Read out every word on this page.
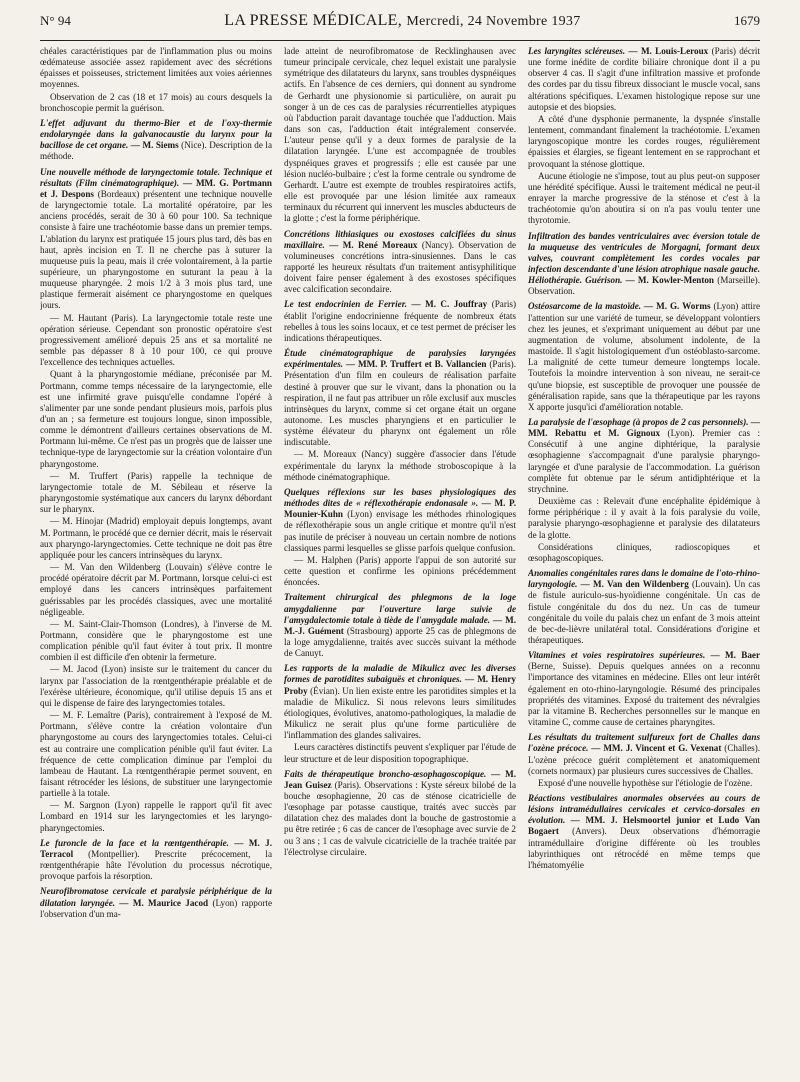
N° 94	LA PRESSE MÉDICALE, Mercredi, 24 Novembre 1937	1679

chéales caractéristiques par de l'inflammation plus ou moins œdémateuse associée assez rapidement avec des sécrétions épaisses et poisseuses, strictement limitées aux voies aériennes moyennes.

Observation de 2 cas (18 et 17 mois) au cours desquels la bronchoscopie permit la guérison.

L'effet adjuvant du thermo-Bier et de l'oxy-thermie endolaryngée dans la galvanocaustie du larynx pour la bacillose de cet organe. — M. Siems (Nice). Description de la méthode.

Une nouvelle méthode de laryngectomie totale. Technique et résultats (Film cinématographique). — MM. G. Portmann et J. Despons (Bordeaux) présentent une technique nouvelle de laryngectomie totale. La mortalité opératoire, par les anciens procédés, serait de 30 à 60 pour 100. Sa technique consiste à faire une trachéotomie basse dans un premier temps. L'ablation du larynx est pratiquée 15 jours plus tard, dès bas en haut, après incision en T. Il ne cherche pas à suturer la muqueuse puis la peau, mais il crée volontairement, à la partie supérieure, un pharyngostome en suturant la peau à la muqueuse pharyngée. 2 mois 1/2 à 3 mois plus tard, une plastique fermerait aisément ce pharyngostome en quelques jours.

— M. Hautant (Paris). La laryngectomie totale reste une opération sérieuse. Cependant son pronostic opératoire s'est progressivement amélioré depuis 25 ans et sa mortalité ne semble pas dépasser 8 à 10 pour 100, ce qui prouve l'excellence des techniques actuelles.

Quant à la pharyngostomie médiane, préconisée par M. Portmann, comme temps nécessaire de la laryngectomie, elle est une infirmité grave puisqu'elle condamne l'opéré à s'alimenter par une sonde pendant plusieurs mois, parfois plus d'un an ; sa fermeture est toujours longue, sinon impossible, comme le démontrent d'ailleurs certaines observations de M. Portmann lui-même. Ce n'est pas un progrès que de laisser une technique-type de laryngectomie sur la création volontaire d'un pharyngostome.

— M. Truffert (Paris) rappelle la technique de laryngectomie totale de M. Sébileau et réserve la pharyngostomie systématique aux cancers du larynx débordant sur le pharynx.

— M. Hinojar (Madrid) employait depuis longtemps, avant M. Portmann, le procédé que ce dernier décrit, mais le réservait aux pharyngo-laryngectomies. Cette technique ne doit pas être appliquée pour les cancers intrinsèques du larynx.

— M. Van den Wildenberg (Louvain) s'élève contre le procédé opératoire décrit par M. Portmann, lorsque celui-ci est employé dans les cancers intrinsèques parfaitement guérissables par les procédés classiques, avec une mortalité négligeable.

— M. Saint-Clair-Thomson (Londres), à l'inverse de M. Portmann, considère que le pharyngostome est une complication pénible qu'il faut éviter à tout prix. Il montre combien il est difficile d'en obtenir la fermeture.

— M. Jacod (Lyon) insiste sur le traitement du cancer du larynx par l'association de la rœntgenthérapie préalable et de l'exérèse ultérieure, économique, qu'il utilise depuis 15 ans et qui le dispense de faire des laryngectomies totales.

— M. F. Lemaître (Paris), contrairement à l'exposé de M. Portmann, s'élève contre la création volontaire d'un pharyngostome au cours des laryngectomies totales. Celui-ci est au contraire une complication pénible qu'il faut éviter. La fréquence de cette complication diminue par l'emploi du lambeau de Hautant. La rœntgenthérapie permet souvent, en faisant rétrocéder les lésions, de substituer une laryngectomie partielle à la totale.

— M. Sargnon (Lyon) rappelle le rapport qu'il fit avec Lombard en 1914 sur les laryngectomies et les laryngo-pharyngectomies.

Le furoncle de la face et la rœntgenthérapie. — M. J. Terracol (Montpellier). Prescrite précocement, la rœntgenthérapie hâte l'évolution du processus nécrotique, provoque parfois la résorption.

Neurofibromatose cervicale et paralysie périphérique de la dilatation laryngée. — M. Maurice Jacod (Lyon) rapporte l'observation d'un ma-

lade atteint de neurofibromatose de Recklinghausen avec tumeur principale cervicale, chez lequel existait une paralysie symétrique des dilatateurs du larynx, sans troubles dyspnéiques actifs. En l'absence de ces derniers, qui donnent au syndrome de Gerhardt une physionomie si particulière, on aurait pu songer à un de ces cas de paralysies récurrentielles atypiques où l'abduction parait davantage touchée que l'adduction. Mais dans son cas, l'adduction était intégralement conservée. L'auteur pense qu'il y a deux formes de paralysie de la dilatation laryngée. L'une est accompagnée de troubles dyspnéiques graves et progressifs ; elle est causée par une lésion nucléo-bulbaire ; c'est la forme centrale ou syndrome de Gerhardt. L'autre est exempte de troubles respiratoires actifs, elle est provoquée par une lésion limitée aux rameaux terminaux du récurrent qui innervent les muscles abducteurs de la glotte ; c'est la forme périphérique.

Concrétions lithiasiques ou exostoses calcifiées du sinus maxillaire. — M. René Moreaux (Nancy). Observation de volumineuses concrétions intra-sinusiennes. Dans le cas rapporté les heureux résultats d'un traitement antisyphilitique doivent faire penser également à des exostoses spécifiques avec calcification secondaire.

Le test endocrinien de Ferrier. — M. C. Jouffray (Paris) établit l'origine endocrinienne fréquente de nombreux états rebelles à tous les soins locaux, et ce test permet de préciser les indications thérapeutiques.

Étude cinématographique de paralysies laryngées expérimentales. — MM. P. Truffert et B. Vallancien (Paris). Présentation d'un film en couleurs de réalisation parfaite destiné à prouver que sur le vivant, dans la phonation ou la respiration, il ne faut pas attribuer un rôle exclusif aux muscles intrinsèques du larynx, comme si cet organe était un organe autonome. Les muscles pharyngiens et en particulier le système élévateur du pharynx ont également un rôle indiscutable.

— M. Moreaux (Nancy) suggère d'associer dans l'étude expérimentale du larynx la méthode stroboscopique à la méthode cinématographique.

Quelques réflexions sur les bases physiologiques des méthodes dites de « réflexothérapie endonasale ». — M. P. Mounier-Kuhn (Lyon) envisage les méthodes rhinologiques de réflexothérapie sous un angle critique et montre qu'il n'est pas inutile de préciser à nouveau un certain nombre de notions classiques parmi lesquelles se glisse parfois quelque confusion.

— M. Halphen (Paris) apporte l'appui de son autorité sur cette question et confirme les opinions précédemment énoncées.

Traitement chirurgical des phlegmons de la loge amygdalienne par l'ouverture large suivie de l'amygdalectomie totale à tiède de l'amygdale malade. — M. M.-J. Guément (Strasbourg) apporte 25 cas de phlegmons de la loge amygdalienne, traités avec succès suivant la méthode de Canuyt.

Les rapports de la maladie de Mikulicz avec les diverses formes de parotidites subaiguës et chroniques. — M. Henry Proby (Évian). Un lien existe entre les parotidites simples et la maladie de Mikulicz. Si nous relevons leurs similitudes étiologiques, évolutives, anatomo-pathologiques, la maladie de Mikulicz ne serait plus qu'une forme particulière de l'inflammation des glandes salivaires.

Leurs caractères distinctifs peuvent s'expliquer par l'étude de leur structure et de leur disposition topographique.

Faits de thérapeutique broncho-œsophagoscopique. — M. Jean Guisez (Paris). Observations : Kyste séreux bilobé de la bouche œsophagienne, 20 cas de sténose cicatricielle de l'œsophage par potasse caustique, traités avec succès par dilatation chez des malades dont la bouche de gastrostomie a pu être retirée ; 6 cas de cancer de l'œsophage avec survie de 2 ou 3 ans ; 1 cas de valvule cicatricielle de la trachée traitée par l'électrolyse circulaire.

Les laryngites scléreuses. — M. Louis-Leroux (Paris) décrit une forme inédite de cordite biliaire chronique dont il a pu observer 4 cas. Il s'agit d'une infiltration massive et profonde des cordes par du tissu fibreux dissociant le muscle vocal, sans altérations spécifiques. L'examen histologique repose sur une autopsie et des biopsies.

A côté d'une dysphonie permanente, la dyspnée s'installe lentement, commandant finalement la trachéotomie. L'examen laryngoscopique montre les cordes rouges, régulièrement épaissies et élargies, se figeant lentement en se rapprochant et provoquant la sténose glottique.

Aucune étiologie ne s'impose, tout au plus peut-on supposer une hérédité spécifique. Aussi le traitement médical ne peut-il enrayer la marche progressive de la sténose et c'est à la trachéotomie qu'on aboutira si on n'a pas voulu tenter une thyrotomie.

Infiltration des bandes ventriculaires avec éversion totale de la muqueuse des ventricules de Morgagni, formant deux valves, couvrant complètement les cordes vocales par infection descendante d'une lésion atrophique nasale gauche. Héliothérapie. Guérison. — M. Kowler-Menton (Marseille). Observation.

Ostéosarcome de la mastoïde. — M. G. Worms (Lyon) attire l'attention sur une variété de tumeur, se développant volontiers chez les jeunes, et s'exprimant uniquement au début par une augmentation de volume, absolument indolente, de la mastoïde. Il s'agit histologiquement d'un ostéoblasto-sarcome. La malignité de cette tumeur demeure longtemps locale. Toutefois la moindre intervention à son niveau, ne serait-ce qu'une biopsie, est susceptible de provoquer une poussée de généralisation rapide, sans que la thérapeutique par les rayons X apporte jusqu'ici d'amélioration notable.

La paralysie de l'œsophage (à propos de 2 cas personnels). — MM. Rebattu et M. Gignoux (Lyon). Premier cas : Consécutif à une angine diphtérique, la paralysie œsophagienne s'accompagnait d'une paralysie pharyngo-laryngée et d'une paralysie de l'accommodation. La guérison complète fut obtenue par le sérum antidiphtérique et la strychnine.

Deuxième cas : Relevait d'une encéphalite épidémique à forme périphérique : il y avait à la fois paralysie du voile, paralysie pharyngo-œsophagienne et paralysie des dilatateurs de la glotte.

Considérations cliniques, radioscopiques et œsophagoscopiques.

Anomalies congénitales rares dans le domaine de l'oto-rhino-laryngologie. — M. Van den Wildenberg (Louvain). Un cas de fistule auriculo-sus-hyoïdienne congénitale. Un cas de fistule congénitale du dos du nez. Un cas de tumeur congénitale du voile du palais chez un enfant de 3 mois atteint de bec-de-lièvre unilatéral total. Considérations d'origine et thérapeutiques.

Vitamines et voies respiratoires supérieures. — M. Baer (Berne, Suisse). Depuis quelques années on a reconnu l'importance des vitamines en médecine. Elles ont leur intérêt également en oto-rhino-laryngologie. Résumé des principales propriétés des vitamines. Exposé du traitement des névralgies par la vitamine B. Recherches personnelles sur le manque en vitamine C, comme cause de certaines pharyngites.

Les résultats du traitement sulfureux fort de Challes dans l'ozène précoce. — MM. J. Vincent et G. Vexenat (Challes). L'ozène précoce guérit complètement et anatomiquement (cornets normaux) par plusieurs cures successives de Challes.

Exposé d'une nouvelle hypothèse sur l'étiologie de l'ozène.

Réactions vestibulaires anormales observées au cours de lésions intramédullaires cervicales et cervico-dorsales en évolution. — MM. J. Helsmoortel junior et Ludo Van Bogaert (Anvers). Deux observations d'hémorragie intramédullaire d'origine différente où les troubles labyrinthiques ont rétrocédé en même temps que l'hématomyélie
